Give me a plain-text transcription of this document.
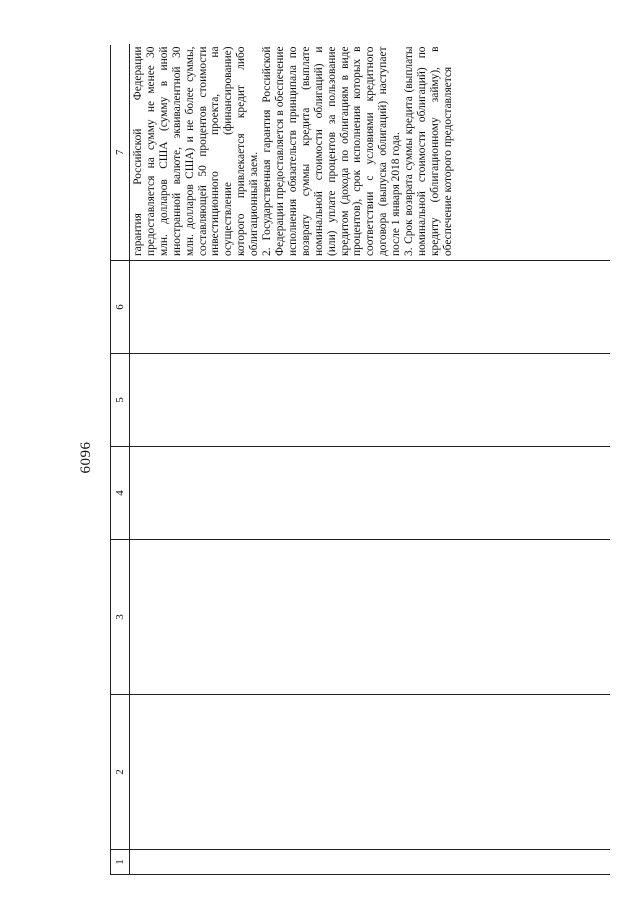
6096
1	2	3	4	5	6	7

						гарантия Российской Федерации предоставляется на сумму не менее 30 млн. долларов США (сумму в иной иностранной валюте, эквивалентной 30 млн. долларов США) и не более суммы, составляющей 50 процентов стоимости инвестиционного проекта, на осуществление (финансирование) которого привлекается кредит либо облигационный заем. 2. Государственная гарантия Российской Федерации предоставляется в обеспечение исполнения обязательств принципала по возврату суммы кредита (выплате номинальной стоимости облигаций) и (или) уплате процентов за пользование кредитом (дохода по облигациям в виде процентов), срок исполнения которых в соответствии с условиями кредитного договора (выпуска облигаций) наступает после 1 января 2018 года. 3. Срок возврата суммы кредита (выплаты номинальной стоимости облигаций) по кредиту (облигационному займу), в обеспечение которого предоставляется
